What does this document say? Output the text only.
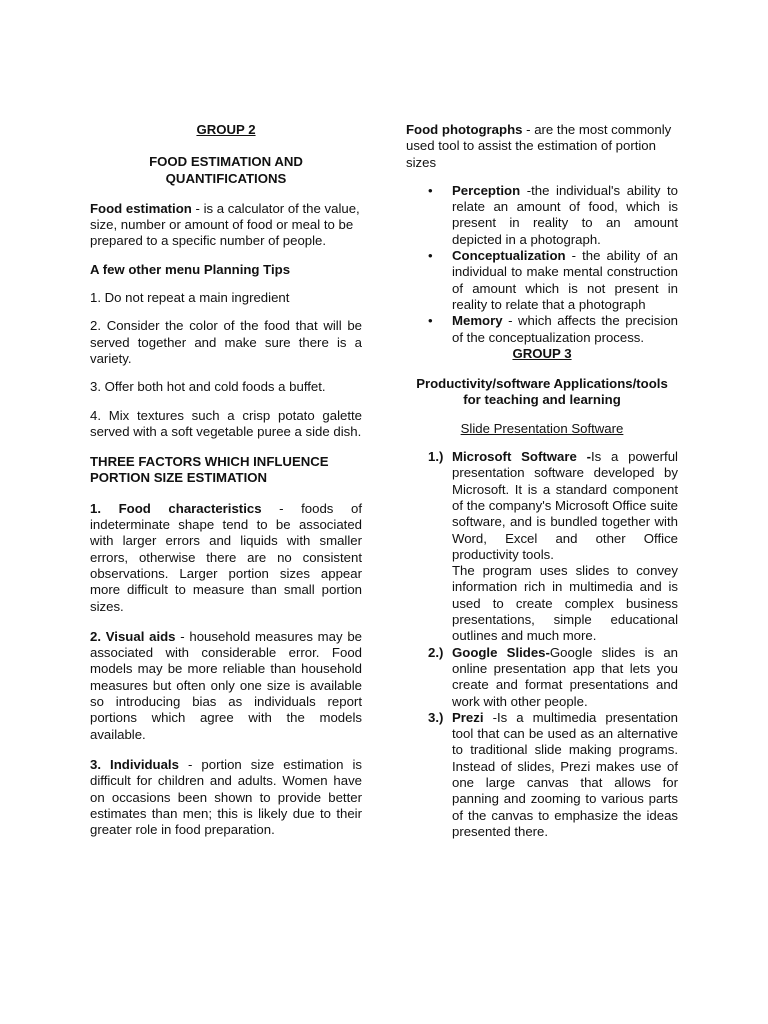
GROUP 2

FOOD ESTIMATION AND QUANTIFICATIONS

Food estimation - is a calculator of the value, size, number or amount of food or meal to be prepared to a specific number of people.

A few other menu Planning Tips

1. Do not repeat a main ingredient

2. Consider the color of the food that will be served together and make sure there is a variety.

3. Offer both hot and cold foods a buffet.

4. Mix textures such a crisp potato galette served with a soft vegetable puree a side dish.

THREE FACTORS WHICH INFLUENCE PORTION SIZE ESTIMATION

1. Food characteristics - foods of indeterminate shape tend to be associated with larger errors and liquids with smaller errors, otherwise there are no consistent observations. Larger portion sizes appear more difficult to measure than small portion sizes.

2. Visual aids - household measures may be associated with considerable error. Food models may be more reliable than household measures but often only one size is available so introducing bias as individuals report portions which agree with the models available.

3. Individuals - portion size estimation is difficult for children and adults. Women have on occasions been shown to provide better estimates than men; this is likely due to their greater role in food preparation.

Food photographs - are the most commonly used tool to assist the estimation of portion sizes

• Perception -the individual's ability to relate an amount of food, which is present in reality to an amount depicted in a photograph.
• Conceptualization - the ability of an individual to make mental construction of amount which is not present in reality to relate that a photograph
• Memory - which affects the precision of the conceptualization process.

GROUP 3

Productivity/software Applications/tools for teaching and learning

Slide Presentation Software

1.) Microsoft Software -Is a powerful presentation software developed by Microsoft. It is a standard component of the company's Microsoft Office suite software, and is bundled together with Word, Excel and other Office productivity tools.
The program uses slides to convey information rich in multimedia and is used to create complex business presentations, simple educational outlines and much more.
2.) Google Slides-Google slides is an online presentation app that lets you create and format presentations and work with other people.
3.) Prezi -Is a multimedia presentation tool that can be used as an alternative to traditional slide making programs. Instead of slides, Prezi makes use of one large canvas that allows for panning and zooming to various parts of the canvas to emphasize the ideas presented there.
